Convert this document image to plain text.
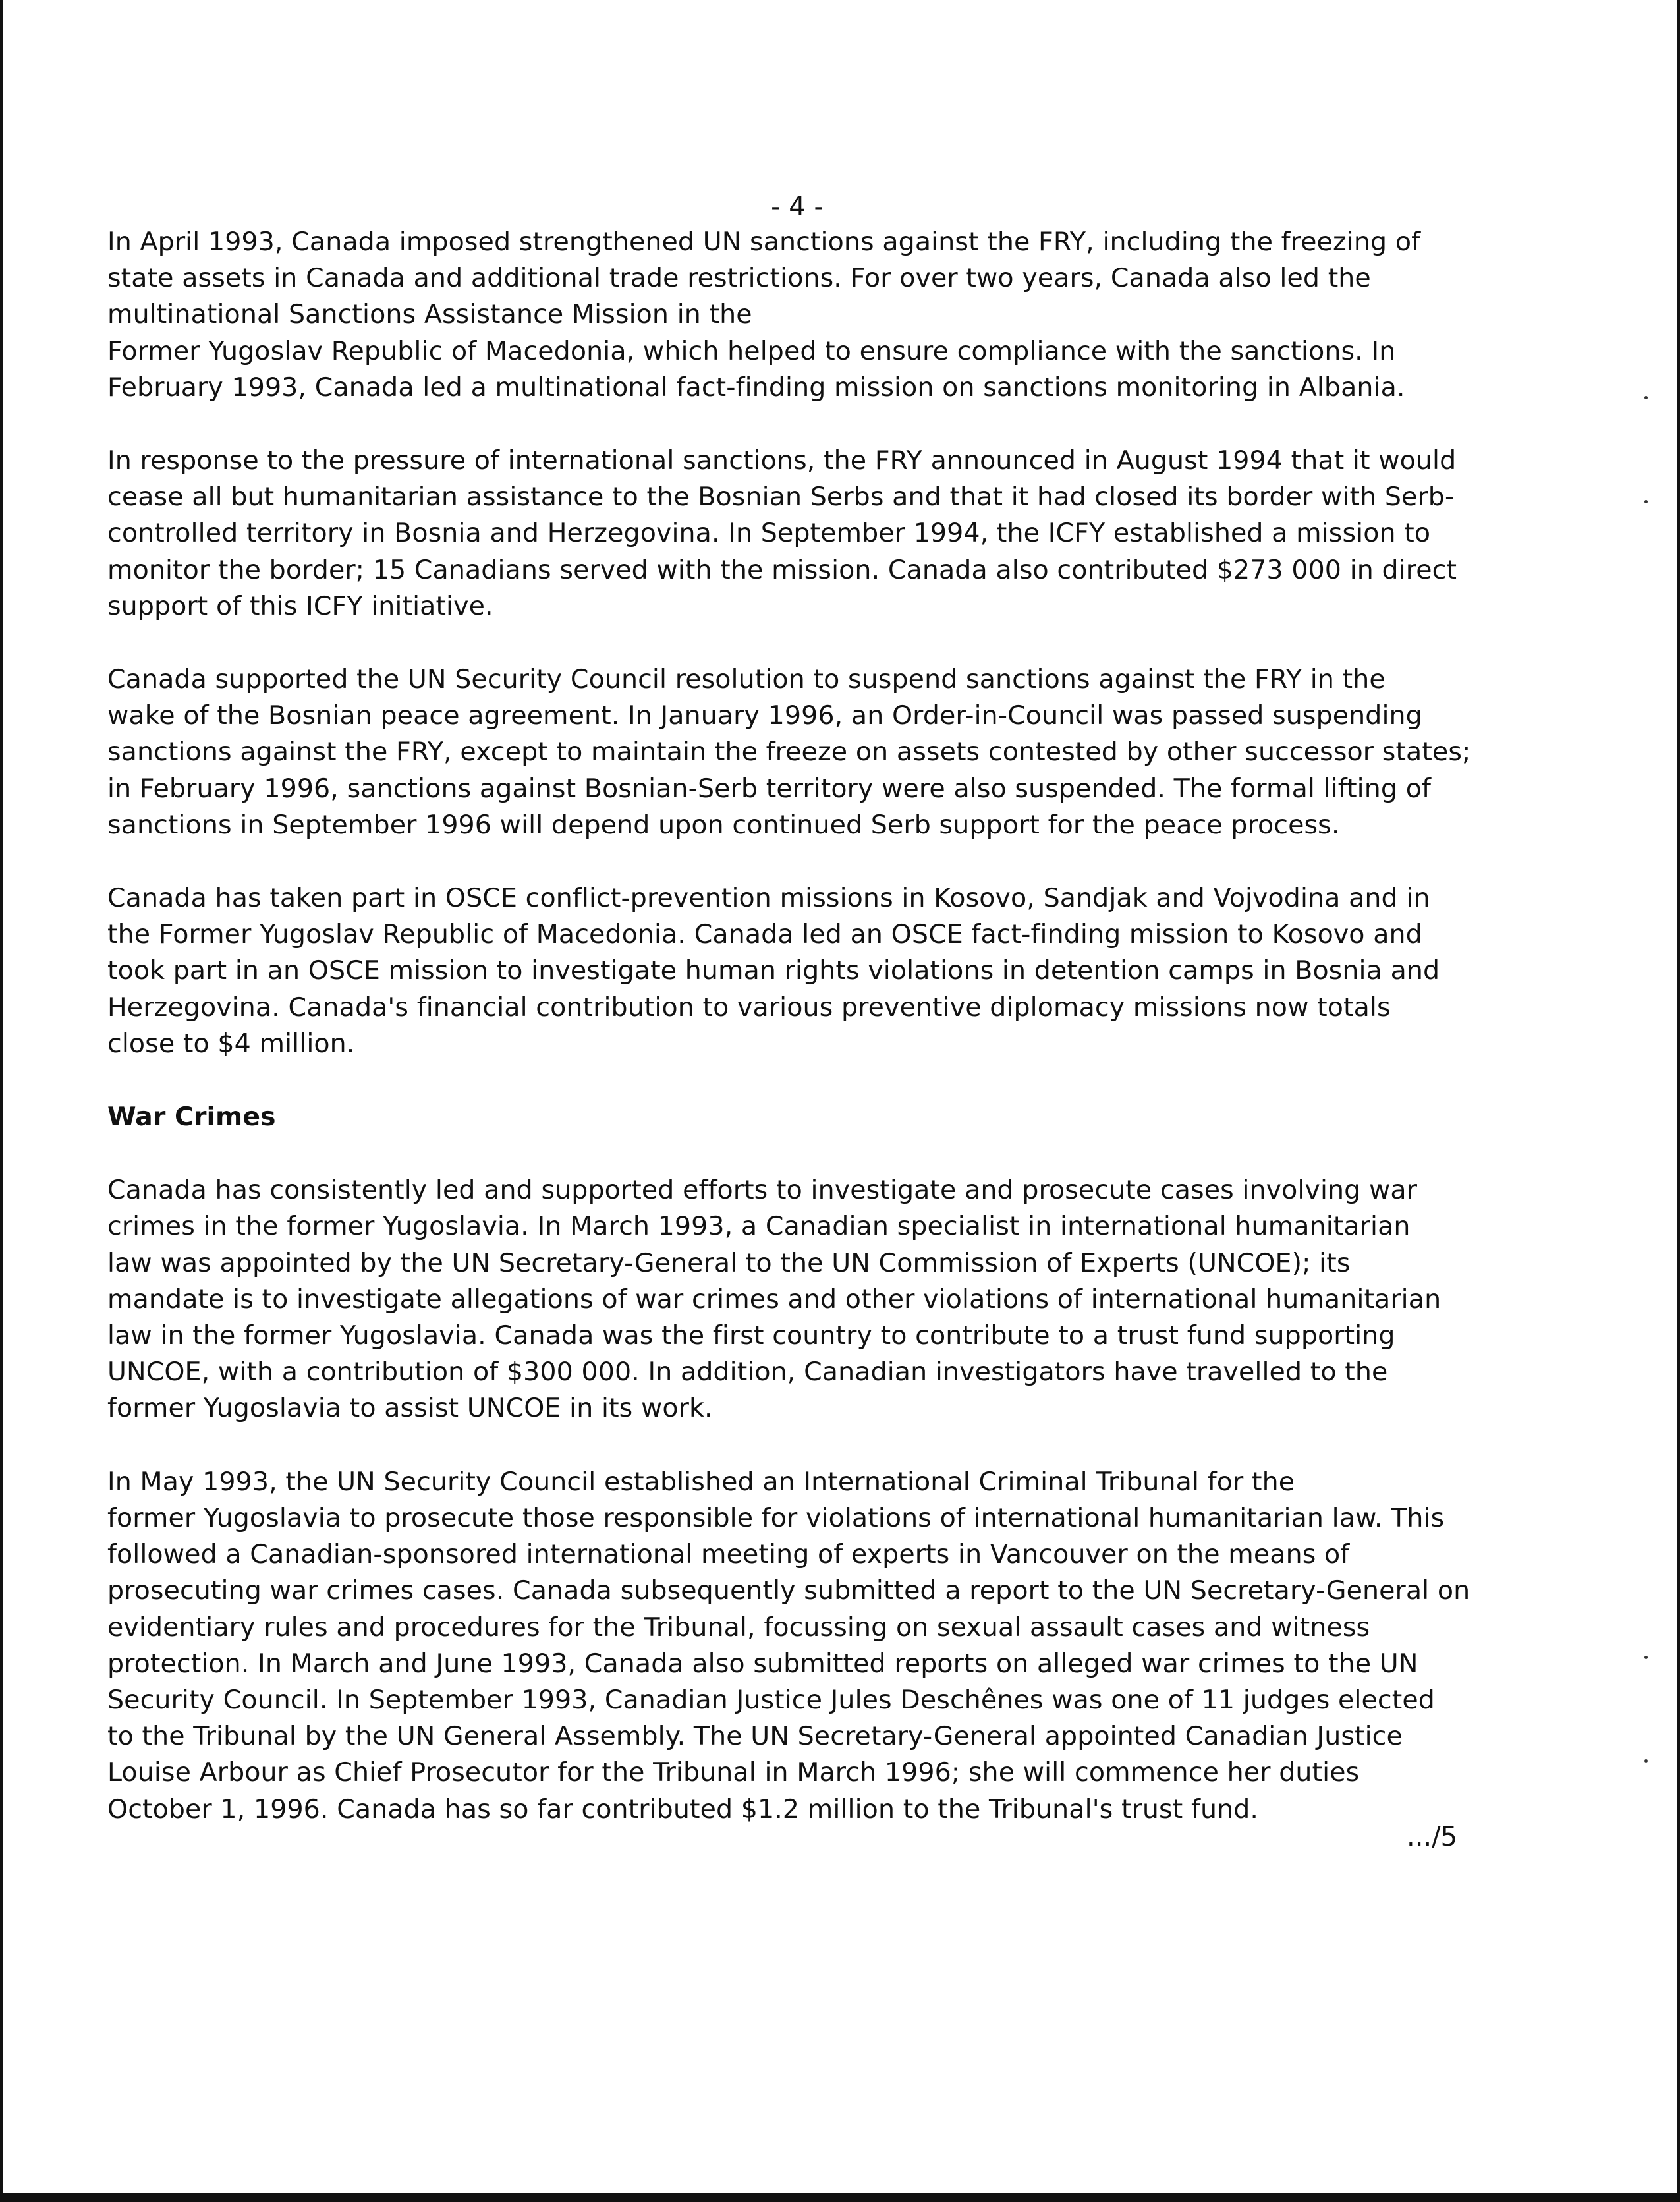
- 4 -

In April 1993, Canada imposed strengthened UN sanctions against the FRY, including the freezing of
state assets in Canada and additional trade restrictions. For over two years, Canada also led the
multinational Sanctions Assistance Mission in the
Former Yugoslav Republic of Macedonia, which helped to ensure compliance with the sanctions. In
February 1993, Canada led a multinational fact-finding mission on sanctions monitoring in Albania.

In response to the pressure of international sanctions, the FRY announced in August 1994 that it would
cease all but humanitarian assistance to the Bosnian Serbs and that it had closed its border with Serb-
controlled territory in Bosnia and Herzegovina. In September 1994, the ICFY established a mission to
monitor the border; 15 Canadians served with the mission. Canada also contributed $273 000 in direct
support of this ICFY initiative.

Canada supported the UN Security Council resolution to suspend sanctions against the FRY in the
wake of the Bosnian peace agreement. In January 1996, an Order-in-Council was passed suspending
sanctions against the FRY, except to maintain the freeze on assets contested by other successor states;
in February 1996, sanctions against Bosnian-Serb territory were also suspended. The formal lifting of
sanctions in September 1996 will depend upon continued Serb support for the peace process.

Canada has taken part in OSCE conflict-prevention missions in Kosovo, Sandjak and Vojvodina and in
the Former Yugoslav Republic of Macedonia. Canada led an OSCE fact-finding mission to Kosovo and
took part in an OSCE mission to investigate human rights violations in detention camps in Bosnia and
Herzegovina. Canada's financial contribution to various preventive diplomacy missions now totals
close to $4 million.

War Crimes

Canada has consistently led and supported efforts to investigate and prosecute cases involving war
crimes in the former Yugoslavia. In March 1993, a Canadian specialist in international humanitarian
law was appointed by the UN Secretary-General to the UN Commission of Experts (UNCOE); its
mandate is to investigate allegations of war crimes and other violations of international humanitarian
law in the former Yugoslavia. Canada was the first country to contribute to a trust fund supporting
UNCOE, with a contribution of $300 000. In addition, Canadian investigators have travelled to the
former Yugoslavia to assist UNCOE in its work.

In May 1993, the UN Security Council established an International Criminal Tribunal for the
former Yugoslavia to prosecute those responsible for violations of international humanitarian law. This
followed a Canadian-sponsored international meeting of experts in Vancouver on the means of
prosecuting war crimes cases. Canada subsequently submitted a report to the UN Secretary-General on
evidentiary rules and procedures for the Tribunal, focussing on sexual assault cases and witness
protection. In March and June 1993, Canada also submitted reports on alleged war crimes to the UN
Security Council. In September 1993, Canadian Justice Jules Deschênes was one of 11 judges elected
to the Tribunal by the UN General Assembly. The UN Secretary-General appointed Canadian Justice
Louise Arbour as Chief Prosecutor for the Tribunal in March 1996; she will commence her duties
October 1, 1996. Canada has so far contributed $1.2 million to the Tribunal's trust fund.

.../5
